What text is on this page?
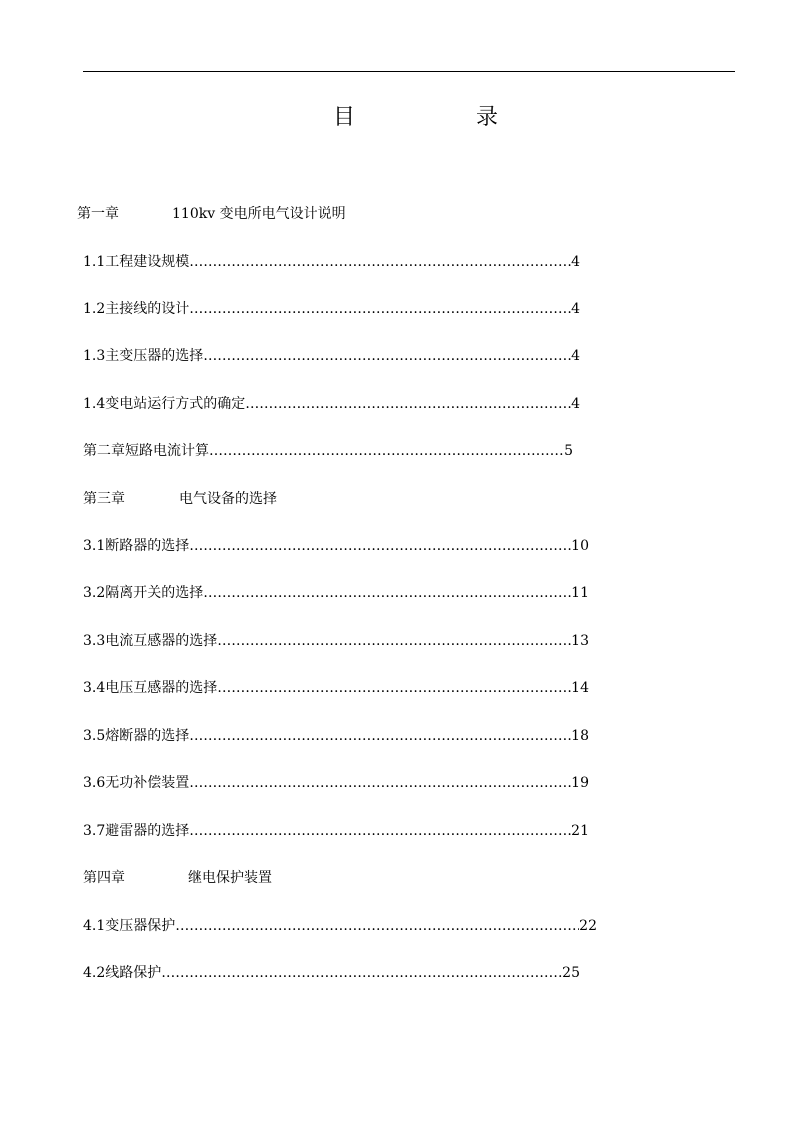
目	录
第一章	110kv 变电所电气设计说明
1.1 工程建设规模 ……………………………………………………………………………………………………………………………………………………………………………………	4
1.2 主接线的设计 ……………………………………………………………………………………………………………………………………………………………………………………	4
1.3 主变压器的选择 ……………………………………………………………………………………………………………………………………………………………………………………	4
1.4 变电站运行方式的确定 ……………………………………………………………………………………………………………………………………………………………………………………	4
第二章 短路电流计算 ……………………………………………………………………………………………………………………………………………………………………………………	5
第三章	电气设备的选择
3.1 断路器的选择 ……………………………………………………………………………………………………………………………………………………………………………………	10
3.2 隔离开关的选择 ……………………………………………………………………………………………………………………………………………………………………………………	11
3.3 电流互感器的选择 ……………………………………………………………………………………………………………………………………………………………………………………	13
3.4 电压互感器的选择 ……………………………………………………………………………………………………………………………………………………………………………………	14
3.5 熔断器的选择 ……………………………………………………………………………………………………………………………………………………………………………………	18
3.6 无功补偿装置 ……………………………………………………………………………………………………………………………………………………………………………………	19
3.7 避雷器的选择 ……………………………………………………………………………………………………………………………………………………………………………………	21
第四章	继电保护装置
4.1 变压器保护 ……………………………………………………………………………………………………………………………………………………………………………………	22
4.2 线路保护 ……………………………………………………………………………………………………………………………………………………………………………………	25
